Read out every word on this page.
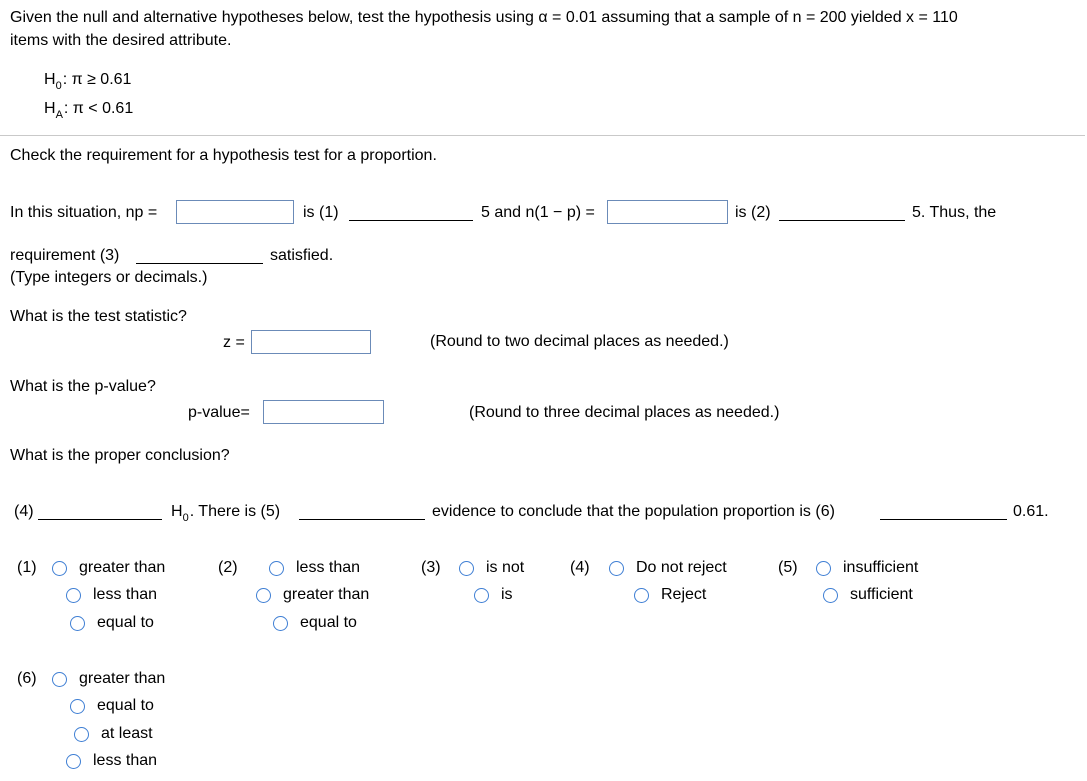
Given the null and alternative hypotheses below, test the hypothesis using α = 0.01 assuming that a sample of n = 200 yielded x = 110
items with the desired attribute.
$H_0$: π ≥ 0.61
$H_A$: π < 0.61
Check the requirement for a hypothesis test for a proportion.
In this situation, np =	is (1)	5 and n(1 − p) =	is (2)	5. Thus, the
requirement (3)	satisfied.
(Type integers or decimals.)
What is the test statistic?
z =	(Round to two decimal places as needed.)
What is the p-value?
p-value=	(Round to three decimal places as needed.)
What is the proper conclusion?
(4)	$H_0$. There is (5)	evidence to conclude that the population proportion is (6)	0.61.
(1)	greater than
less than
equal to
(2)	less than
greater than
equal to
(3)	is not
is
(4)	Do not reject
Reject
(5)	insufficient
sufficient
(6)	greater than
equal to
at least
less than
